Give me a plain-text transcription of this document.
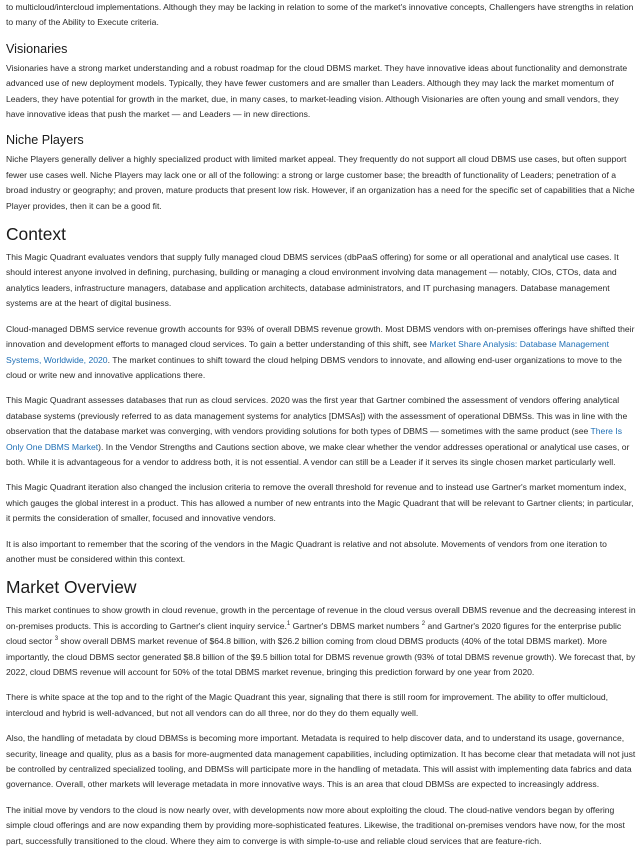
to multicloud/intercloud implementations. Although they may be lacking in relation to some of the market's innovative concepts, Challengers have strengths in relation to many of the Ability to Execute criteria.

Visionaries

Visionaries have a strong market understanding and a robust roadmap for the cloud DBMS market. They have innovative ideas about functionality and demonstrate advanced use of new deployment models. Typically, they have fewer customers and are smaller than Leaders. Although they may lack the market momentum of Leaders, they have potential for growth in the market, due, in many cases, to market-leading vision. Although Visionaries are often young and small vendors, they have innovative ideas that push the market — and Leaders — in new directions.

Niche Players

Niche Players generally deliver a highly specialized product with limited market appeal. They frequently do not support all cloud DBMS use cases, but often support fewer use cases well. Niche Players may lack one or all of the following: a strong or large customer base; the breadth of functionality of Leaders; penetration of a broad industry or geography; and proven, mature products that present low risk. However, if an organization has a need for the specific set of capabilities that a Niche Player provides, then it can be a good fit.

Context

This Magic Quadrant evaluates vendors that supply fully managed cloud DBMS services (dbPaaS offering) for some or all operational and analytical use cases. It should interest anyone involved in defining, purchasing, building or managing a cloud environment involving data management — notably, CIOs, CTOs, data and analytics leaders, infrastructure managers, database and application architects, database administrators, and IT purchasing managers. Database management systems are at the heart of digital business.

Cloud-managed DBMS service revenue growth accounts for 93% of overall DBMS revenue growth. Most DBMS vendors with on-premises offerings have shifted their innovation and development efforts to managed cloud services. To gain a better understanding of this shift, see Market Share Analysis: Database Management Systems, Worldwide, 2020. The market continues to shift toward the cloud helping DBMS vendors to innovate, and allowing end-user organizations to move to the cloud or write new and innovative applications there.

This Magic Quadrant assesses databases that run as cloud services. 2020 was the first year that Gartner combined the assessment of vendors offering analytical database systems (previously referred to as data management systems for analytics [DMSAs]) with the assessment of operational DBMSs. This was in line with the observation that the database market was converging, with vendors providing solutions for both types of DBMS — sometimes with the same product (see There Is Only One DBMS Market). In the Vendor Strengths and Cautions section above, we make clear whether the vendor addresses operational or analytical use cases, or both. While it is advantageous for a vendor to address both, it is not essential. A vendor can still be a Leader if it serves its single chosen market particularly well.

This Magic Quadrant iteration also changed the inclusion criteria to remove the overall threshold for revenue and to instead use Gartner's market momentum index, which gauges the global interest in a product. This has allowed a number of new entrants into the Magic Quadrant that will be relevant to Gartner clients; in particular, it permits the consideration of smaller, focused and innovative vendors.

It is also important to remember that the scoring of the vendors in the Magic Quadrant is relative and not absolute. Movements of vendors from one iteration to another must be considered within this context.

Market Overview

This market continues to show growth in cloud revenue, growth in the percentage of revenue in the cloud versus overall DBMS revenue and the decreasing interest in on-premises products. This is according to Gartner's client inquiry service.$^1$ Gartner's DBMS market numbers $^2$ and Gartner's 2020 figures for the enterprise public cloud sector $^3$ show overall DBMS market revenue of $64.8 billion, with $26.2 billion coming from cloud DBMS products (40% of the total DBMS market). More importantly, the cloud DBMS sector generated $8.8 billion of the $9.5 billion total for DBMS revenue growth (93% of total DBMS revenue growth). We forecast that, by 2022, cloud DBMS revenue will account for 50% of the total DBMS market revenue, bringing this prediction forward by one year from 2020.

There is white space at the top and to the right of the Magic Quadrant this year, signaling that there is still room for improvement. The ability to offer multicloud, intercloud and hybrid is well-advanced, but not all vendors can do all three, nor do they do them equally well.

Also, the handling of metadata by cloud DBMSs is becoming more important. Metadata is required to help discover data, and to understand its usage, governance, security, lineage and quality, plus as a basis for more-augmented data management capabilities, including optimization. It has become clear that metadata will not just be controlled by centralized specialized tooling, and DBMSs will participate more in the handling of metadata. This will assist with implementing data fabrics and data governance. Overall, other markets will leverage metadata in more innovative ways. This is an area that cloud DBMSs are expected to increasingly address.

The initial move by vendors to the cloud is now nearly over, with developments now more about exploiting the cloud. The cloud-native vendors began by offering simple cloud offerings and are now expanding them by providing more-sophisticated features. Likewise, the traditional on-premises vendors have now, for the most part, successfully transitioned to the cloud. Where they aim to converge is with simple-to-use and reliable cloud services that are feature-rich.
